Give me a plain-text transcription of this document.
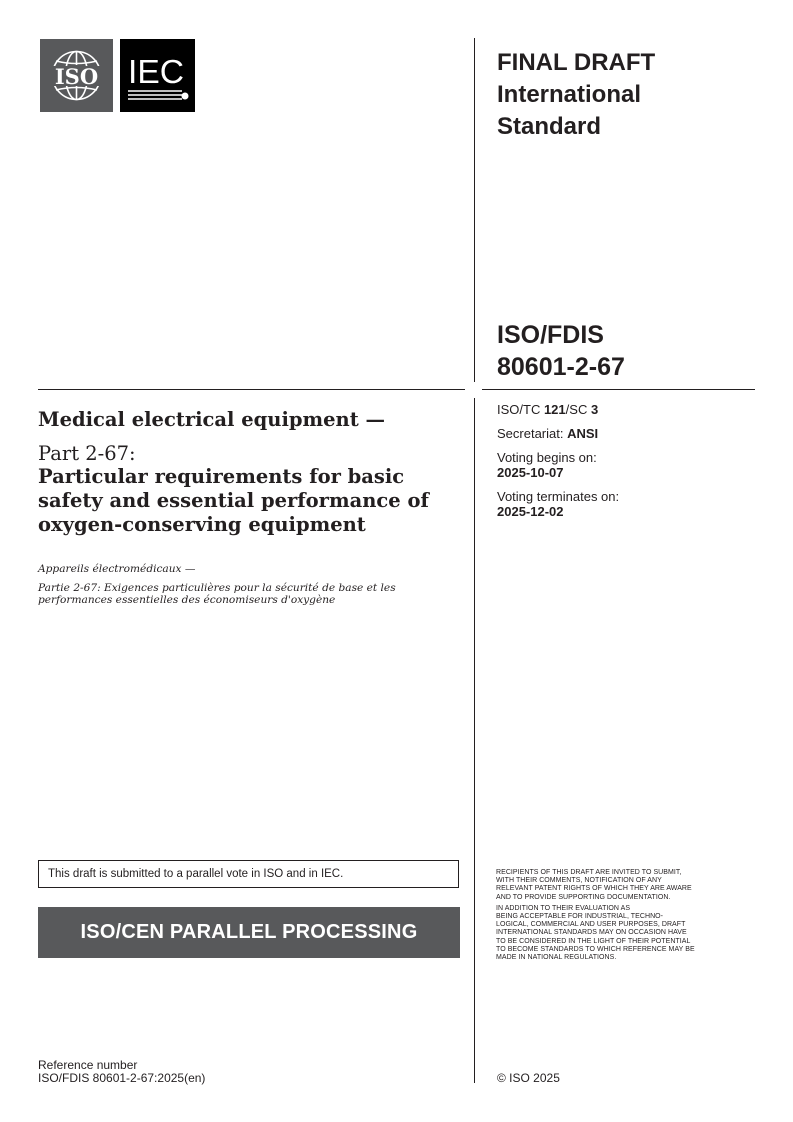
ISO IEC	FINAL DRAFT
International
Standard
ISO/FDIS
80601-2-67
ISO/TC 121/SC 3
Secretariat: ANSI
Voting begins on:
2025-10-07
Voting terminates on:
2025-12-02
Medical electrical equipment —
Part 2-67:
Particular requirements for basic
safety and essential performance of
oxygen-conserving equipment
Appareils électromédicaux —
Partie 2-67: Exigences particulières pour la sécurité de base et les
performances essentielles des économiseurs d'oxygène
This draft is submitted to a parallel vote in ISO and in IEC.
ISO/CEN PARALLEL PROCESSING

RECIPIENTS OF THIS DRAFT ARE INVITED TO SUBMIT,
WITH THEIR COMMENTS, NOTIFICATION OF ANY
RELEVANT PATENT RIGHTS OF WHICH THEY ARE AWARE
AND TO PROVIDE SUPPORTING DOCUMENTATION.

IN ADDITION TO THEIR EVALUATION AS
BEING ACCEPTABLE FOR INDUSTRIAL, TECHNO-
LOGICAL, COMMERCIAL AND USER PURPOSES, DRAFT
INTERNATIONAL STANDARDS MAY ON OCCASION HAVE
TO BE CONSIDERED IN THE LIGHT OF THEIR POTENTIAL
TO BECOME STANDARDS TO WHICH REFERENCE MAY BE
MADE IN NATIONAL REGULATIONS.

Reference number
ISO/FDIS 80601-2-67:2025(en)	© ISO 2025
